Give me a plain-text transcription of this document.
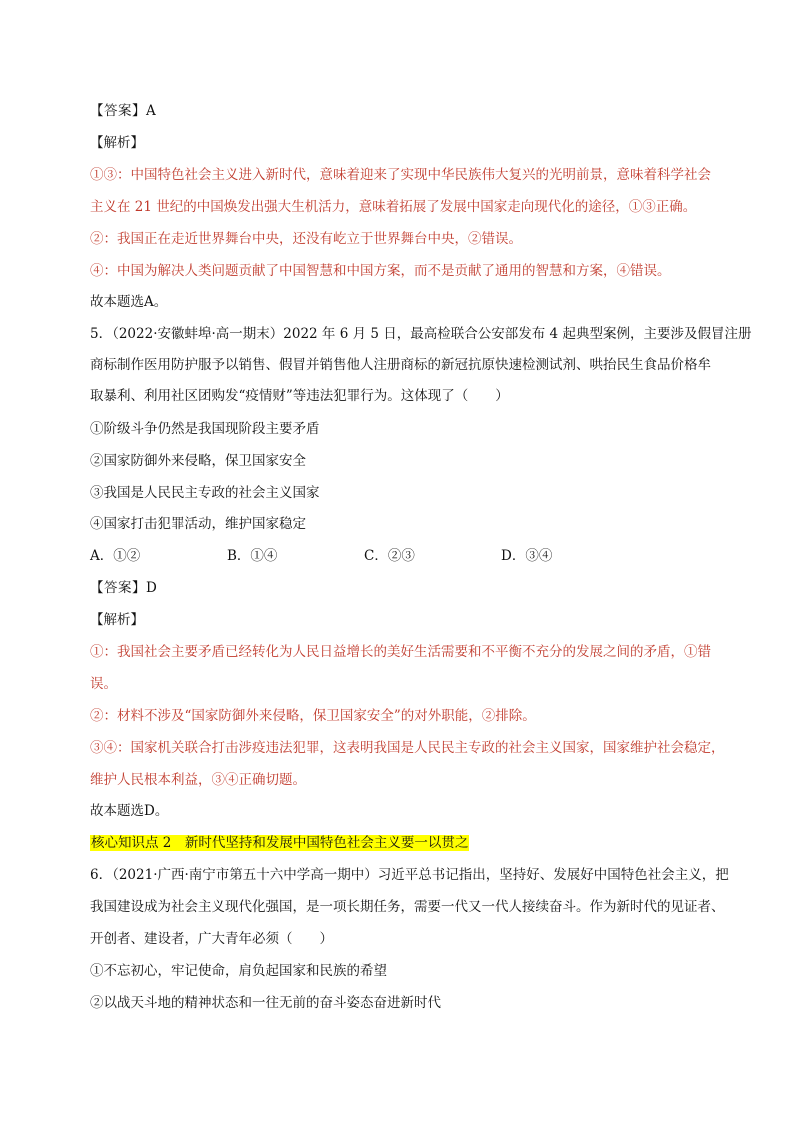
【答案】A
【解析】
①③：中国特色社会主义进入新时代，意味着迎来了实现中华民族伟大复兴的光明前景，意味着科学社会
主义在 21 世纪的中国焕发出强大生机活力，意味着拓展了发展中国家走向现代化的途径，①③正确。
②：我国正在走近世界舞台中央，还没有屹立于世界舞台中央，②错误。
④：中国为解决人类问题贡献了中国智慧和中国方案，而不是贡献了通用的智慧和方案，④错误。
故本题选A。
5．（2022·安徽蚌埠·高一期末）2022 年 6 月 5 日，最高检联合公安部发布 4 起典型案例，主要涉及假冒注册
商标制作医用防护服予以销售、假冒并销售他人注册商标的新冠抗原快速检测试剂、哄抬民生食品价格牟
取暴利、利用社区团购发“疫情财”等违法犯罪行为。这体现了（　　）
①阶级斗争仍然是我国现阶段主要矛盾
②国家防御外来侵略，保卫国家安全
③我国是人民民主专政的社会主义国家
④国家打击犯罪活动，维护国家稳定
A．①②	B．①④	C．②③	D．③④
【答案】D
【解析】
①：我国社会主要矛盾已经转化为人民日益增长的美好生活需要和不平衡不充分的发展之间的矛盾，①错
误。
②：材料不涉及“国家防御外来侵略，保卫国家安全”的对外职能，②排除。
③④：国家机关联合打击涉疫违法犯罪，这表明我国是人民民主专政的社会主义国家，国家维护社会稳定，
维护人民根本利益，③④正确切题。
故本题选D。
核心知识点 2　新时代坚持和发展中国特色社会主义要一以贯之
6．（2021·广西·南宁市第五十六中学高一期中）习近平总书记指出，坚持好、发展好中国特色社会主义，把
我国建设成为社会主义现代化强国，是一项长期任务，需要一代又一代人接续奋斗。作为新时代的见证者、
开创者、建设者，广大青年必须（　　）
①不忘初心，牢记使命，肩负起国家和民族的希望
②以战天斗地的精神状态和一往无前的奋斗姿态奋进新时代
